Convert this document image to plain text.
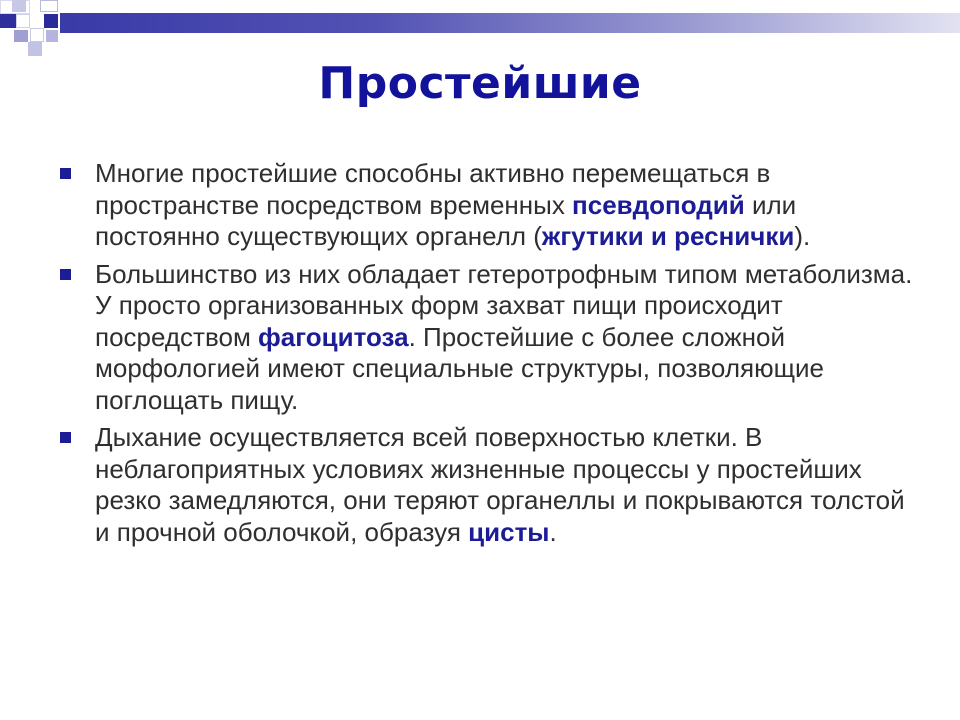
Простейшие
Многие простейшие способны активно перемещаться в пространстве посредством временных псевдоподий или постоянно существующих органелл (жгутики и реснички).
Большинство из них обладает гетеротрофным типом метаболизма. У просто организованных форм захват пищи происходит посредством фагоцитоза. Простейшие с более сложной морфологией имеют специальные структуры, позволяющие поглощать пищу.
Дыхание осуществляется всей поверхностью клетки. В неблагоприятных условиях жизненные процессы у простейших резко замедляются, они теряют органеллы и покрываются толстой и прочной оболочкой, образуя цисты.
